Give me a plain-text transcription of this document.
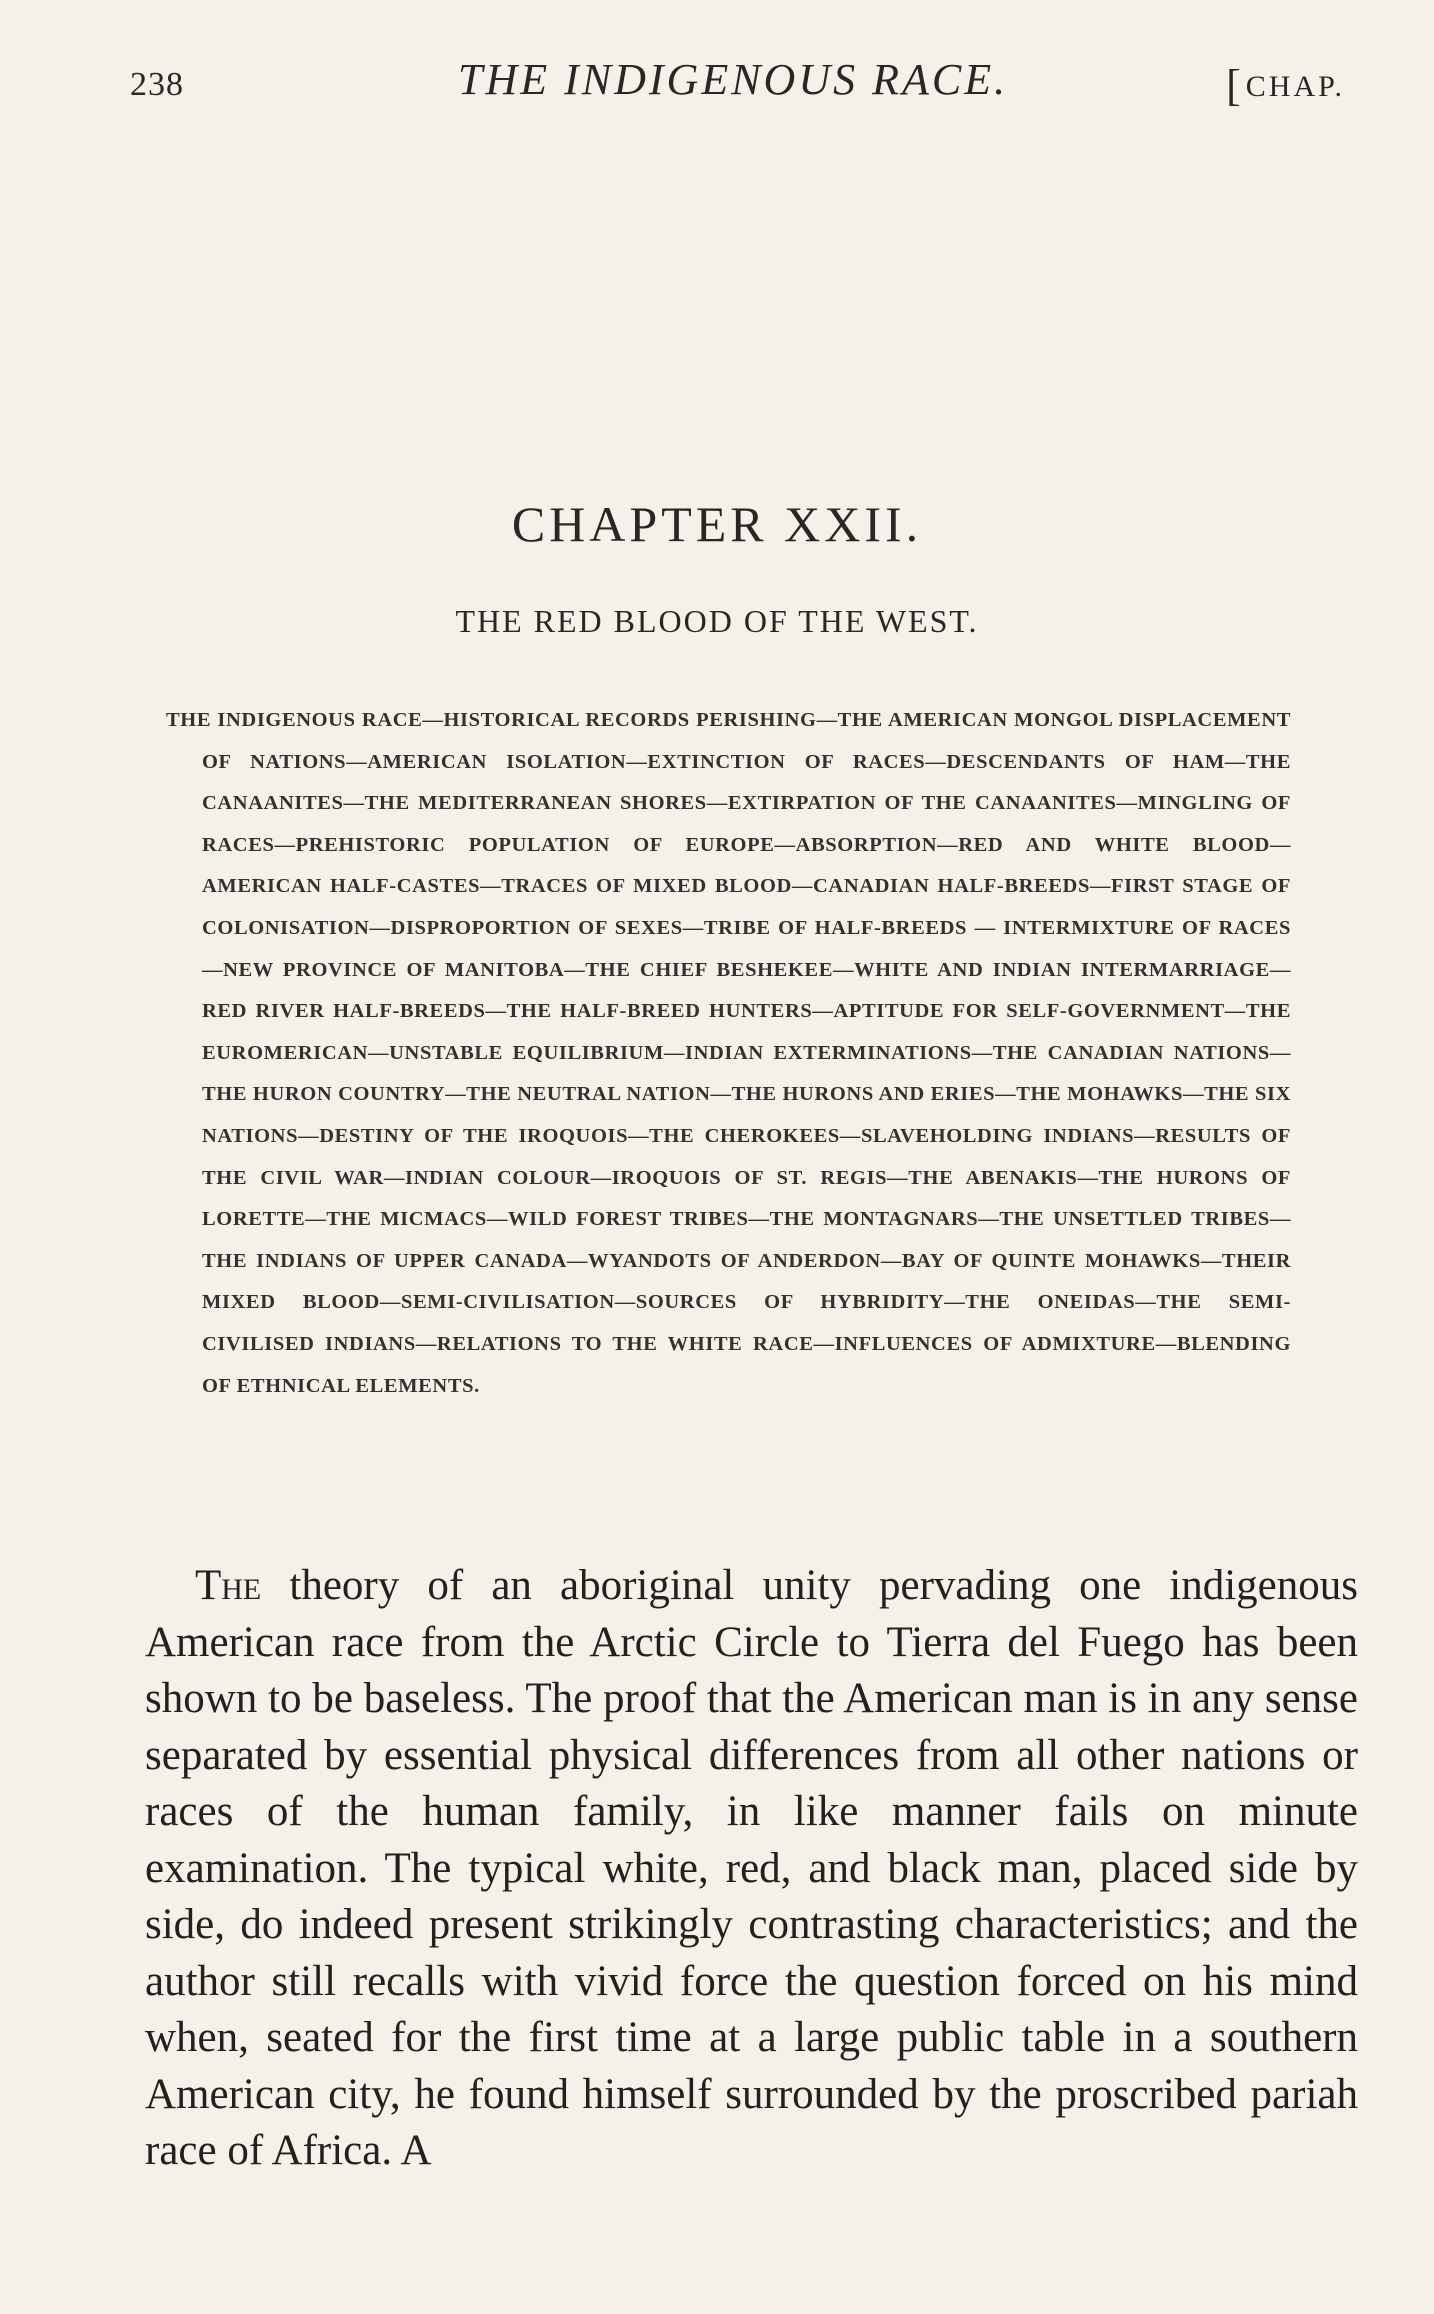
238	THE INDIGENOUS RACE.	[CHAP.
CHAPTER XXII.
THE RED BLOOD OF THE WEST.
THE INDIGENOUS RACE—HISTORICAL RECORDS PERISHING—THE AMERICAN MONGOL DISPLACEMENT OF NATIONS—AMERICAN ISOLATION—EXTINCTION OF RACES—DESCENDANTS OF HAM—THE CANAANITES—THE MEDITERRANEAN SHORES—EXTIRPATION OF THE CANAANITES—MINGLING OF RACES—PREHISTORIC POPULATION OF EUROPE—ABSORPTION—RED AND WHITE BLOOD—AMERICAN HALF-CASTES—TRACES OF MIXED BLOOD—CANADIAN HALF-BREEDS—FIRST STAGE OF COLONISATION—DISPROPORTION OF SEXES—TRIBE OF HALF-BREEDS — INTERMIXTURE OF RACES—NEW PROVINCE OF MANITOBA—THE CHIEF BESHEKEE—WHITE AND INDIAN INTERMARRIAGE—RED RIVER HALF-BREEDS—THE HALF-BREED HUNTERS—APTITUDE FOR SELF-GOVERNMENT—THE EUROMERICAN—UNSTABLE EQUILIBRIUM—INDIAN EXTERMINATIONS—THE CANADIAN NATIONS—THE HURON COUNTRY—THE NEUTRAL NATION—THE HURONS AND ERIES—THE MOHAWKS—THE SIX NATIONS—DESTINY OF THE IROQUOIS—THE CHEROKEES—SLAVEHOLDING INDIANS—RESULTS OF THE CIVIL WAR—INDIAN COLOUR—IROQUOIS OF ST. REGIS—THE ABENAKIS—THE HURONS OF LORETTE—THE MICMACS—WILD FOREST TRIBES—THE MONTAGNARS—THE UNSETTLED TRIBES—THE INDIANS OF UPPER CANADA—WYANDOTS OF ANDERDON—BAY OF QUINTE MOHAWKS—THEIR MIXED BLOOD—SEMI-CIVILISATION—SOURCES OF HYBRIDITY—THE ONEIDAS—THE SEMI-CIVILISED INDIANS—RELATIONS TO THE WHITE RACE—INFLUENCES OF ADMIXTURE—BLENDING OF ETHNICAL ELEMENTS.
The theory of an aboriginal unity pervading one indigenous American race from the Arctic Circle to Tierra del Fuego has been shown to be baseless. The proof that the American man is in any sense separated by essential physical differences from all other nations or races of the human family, in like manner fails on minute examination. The typical white, red, and black man, placed side by side, do indeed present strikingly contrasting characteristics; and the author still recalls with vivid force the question forced on his mind when, seated for the first time at a large public table in a southern American city, he found himself surrounded by the proscribed pariah race of Africa. A
